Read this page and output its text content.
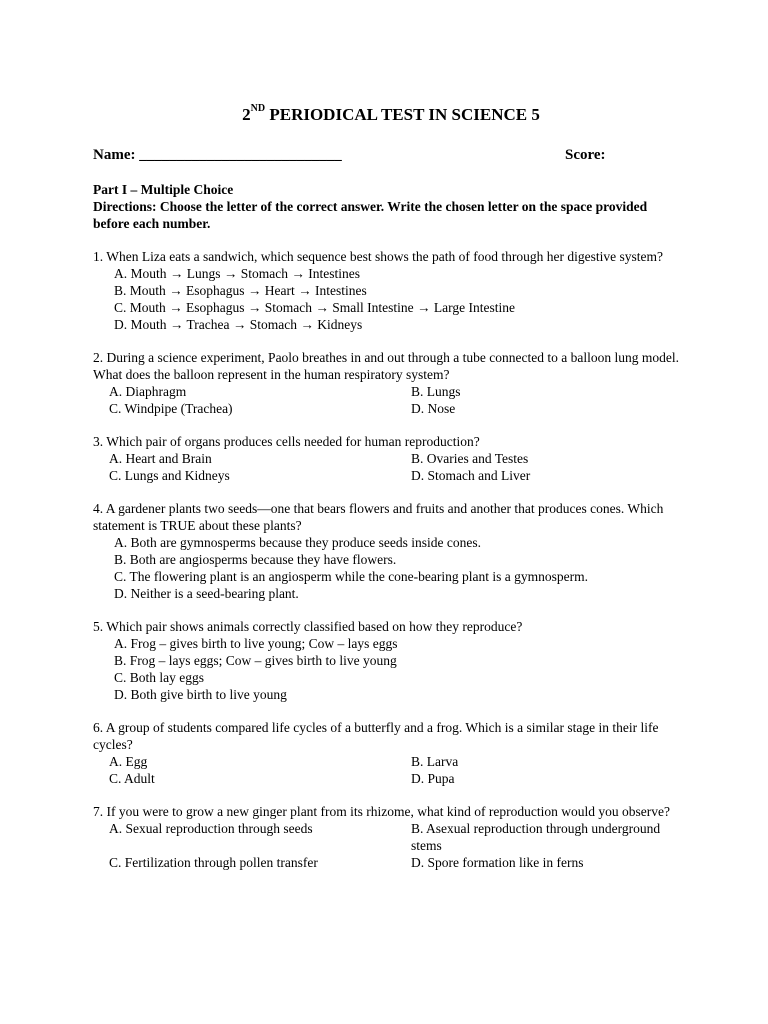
2ND PERIODICAL TEST IN SCIENCE 5
Name: ___________________________	Score:
Part I – Multiple Choice
Directions: Choose the letter of the correct answer. Write the chosen letter on the space provided before each number.
1. When Liza eats a sandwich, which sequence best shows the path of food through her digestive system?
A. Mouth → Lungs → Stomach → Intestines
B. Mouth → Esophagus → Heart → Intestines
C. Mouth → Esophagus → Stomach → Small Intestine → Large Intestine
D. Mouth → Trachea → Stomach → Kidneys
2. During a science experiment, Paolo breathes in and out through a tube connected to a balloon lung model. What does the balloon represent in the human respiratory system?
A. Diaphragm	B. Lungs
C. Windpipe (Trachea)	D. Nose
3. Which pair of organs produces cells needed for human reproduction?
A. Heart and Brain	B. Ovaries and Testes
C. Lungs and Kidneys	D. Stomach and Liver
4. A gardener plants two seeds—one that bears flowers and fruits and another that produces cones. Which statement is TRUE about these plants?
A. Both are gymnosperms because they produce seeds inside cones.
B. Both are angiosperms because they have flowers.
C. The flowering plant is an angiosperm while the cone-bearing plant is a gymnosperm.
D. Neither is a seed-bearing plant.
5. Which pair shows animals correctly classified based on how they reproduce?
A. Frog – gives birth to live young; Cow – lays eggs
B. Frog – lays eggs; Cow – gives birth to live young
C. Both lay eggs
D. Both give birth to live young
6. A group of students compared life cycles of a butterfly and a frog. Which is a similar stage in their life cycles?
A. Egg	B. Larva
C. Adult	D. Pupa
7. If you were to grow a new ginger plant from its rhizome, what kind of reproduction would you observe?
A. Sexual reproduction through seeds	B. Asexual reproduction through underground stems
C. Fertilization through pollen transfer	D. Spore formation like in ferns
